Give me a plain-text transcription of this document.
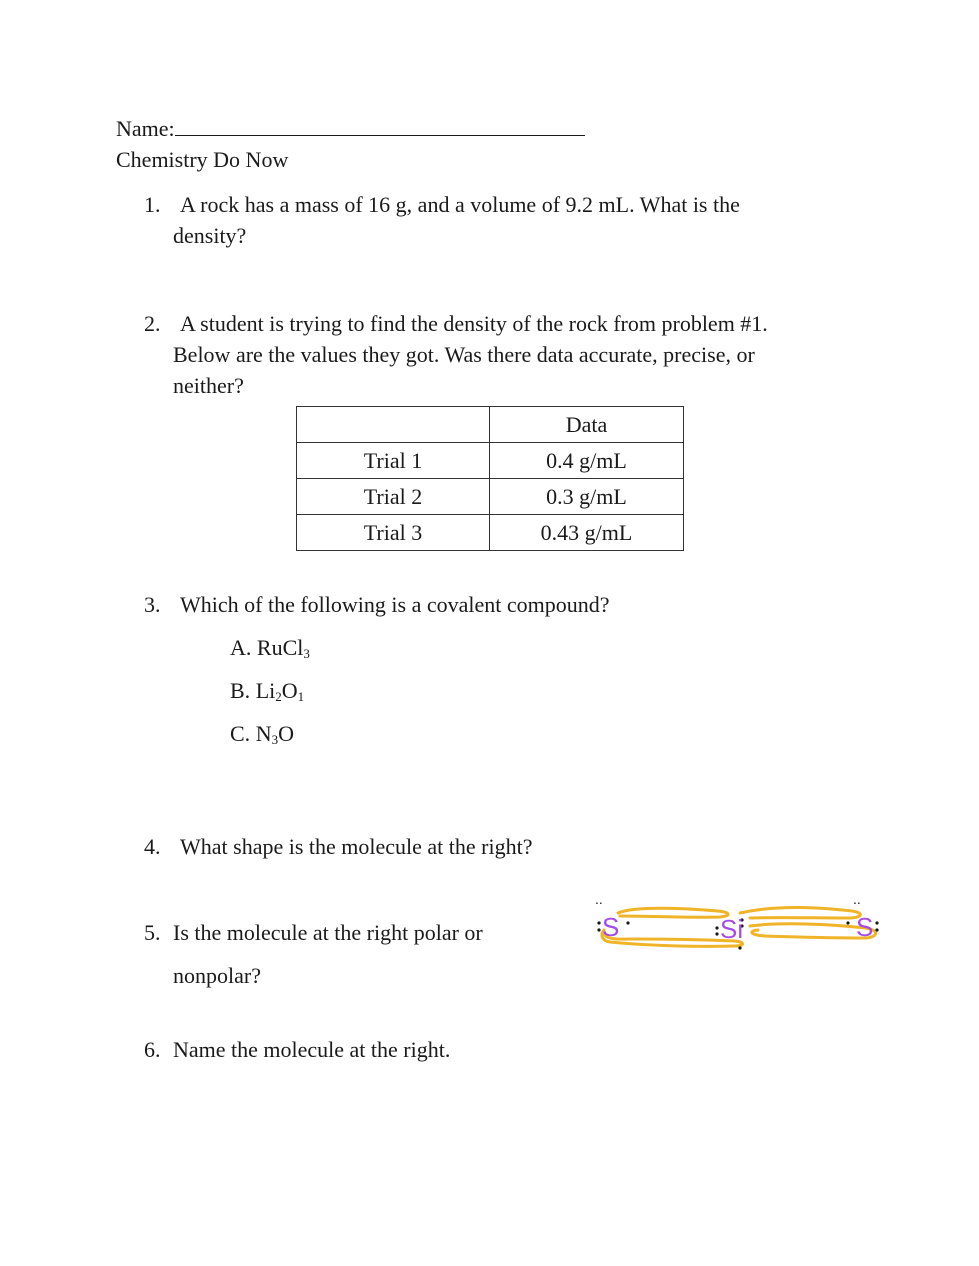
Name:
Chemistry Do Now
1. A rock has a mass of 16 g, and a volume of 9.2 mL. What is the
density?
2. A student is trying to find the density of the rock from problem #1.
Below are the values they got. Was there data accurate, precise, or
neither?
	Data
Trial 1	0.4 g/mL
Trial 2	0.3 g/mL
Trial 3	0.43 g/mL
3. Which of the following is a covalent compound?
A. RuCl$_3$
B. $Li_2O_1$
C. $N_3O$
4. What shape is the molecule at the right?
5. Is the molecule at the right polar or
nonpolar?
6. Name the molecule at the right.
..	..
S	Si	S
